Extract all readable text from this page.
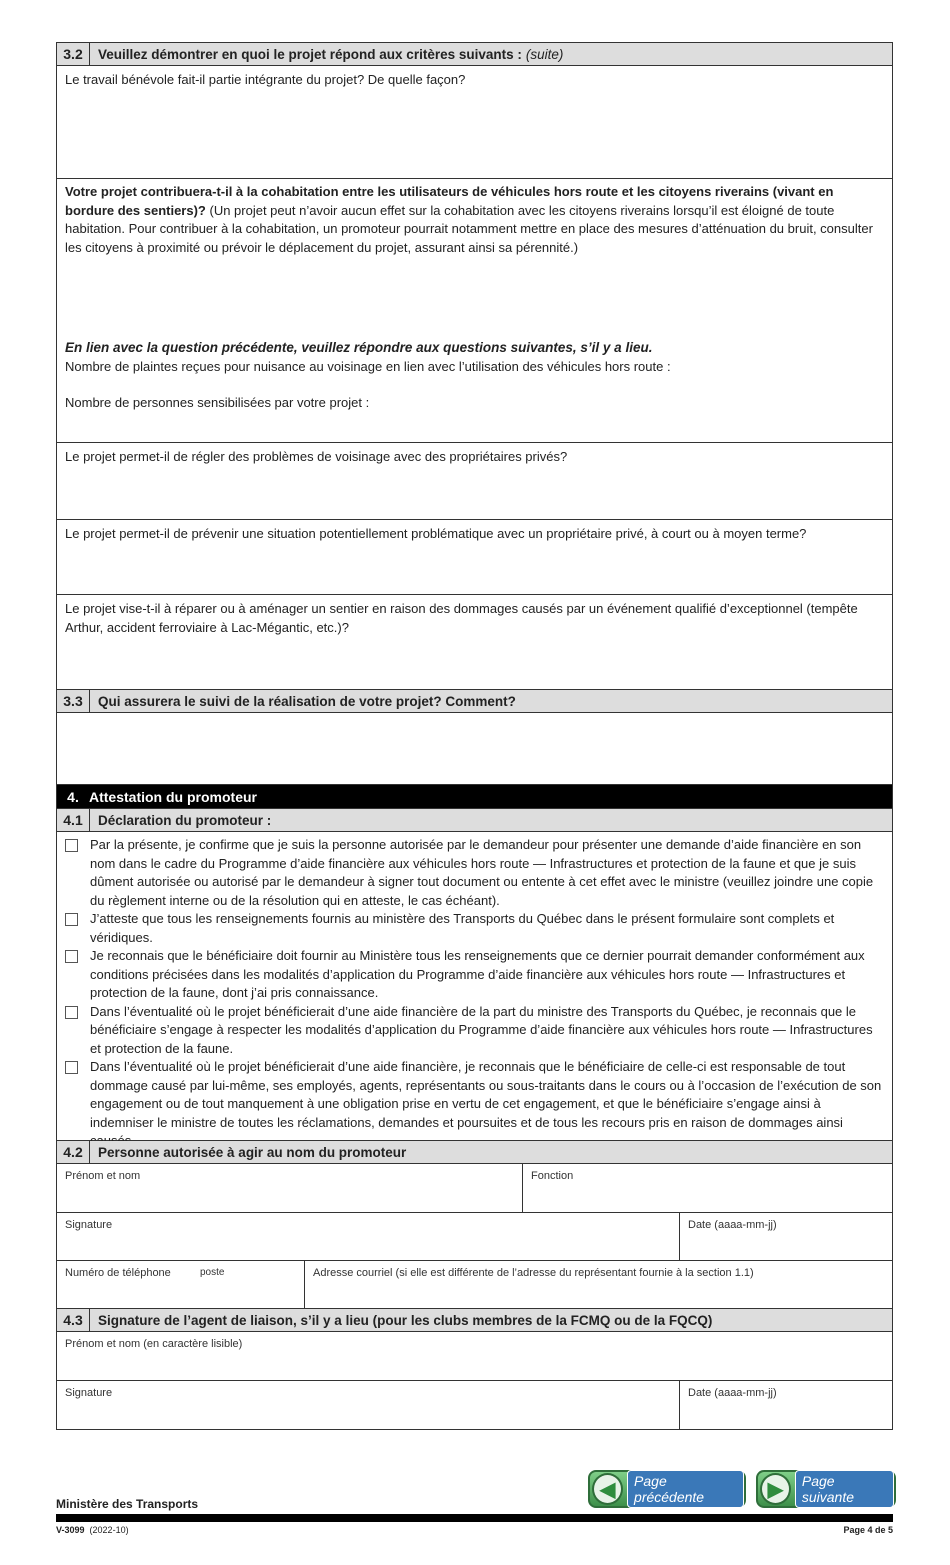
3.2	Veuillez démontrer en quoi le projet répond aux critères suivants : (suite)
Le travail bénévole fait-il partie intégrante du projet? De quelle façon?
Votre projet contribuera-t-il à la cohabitation entre les utilisateurs de véhicules hors route et les citoyens riverains (vivant en bordure des sentiers)? (Un projet peut n’avoir aucun effet sur la cohabitation avec les citoyens riverains lorsqu’il est éloigné de toute habitation. Pour contribuer à la cohabitation, un promoteur pourrait notamment mettre en place des mesures d’atténuation du bruit, consulter les citoyens à proximité ou prévoir le déplacement du projet, assurant ainsi sa pérennité.)
En lien avec la question précédente, veuillez répondre aux questions suivantes, s’il y a lieu.
Nombre de plaintes reçues pour nuisance au voisinage en lien avec l’utilisation des véhicules hors route :
Nombre de personnes sensibilisées par votre projet :
Le projet permet-il de régler des problèmes de voisinage avec des propriétaires privés?
Le projet permet-il de prévenir une situation potentiellement problématique avec un propriétaire privé, à court ou à moyen terme?
Le projet vise-t-il à réparer ou à aménager un sentier en raison des dommages causés par un événement qualifié d’exceptionnel (tempête Arthur, accident ferroviaire à Lac-Mégantic, etc.)?
3.3	Qui assurera le suivi de la réalisation de votre projet? Comment?
4. Attestation du promoteur
4.1	Déclaration du promoteur :
Par la présente, je confirme que je suis la personne autorisée par le demandeur pour présenter une demande d’aide financière en son nom dans le cadre du Programme d’aide financière aux véhicules hors route — Infrastructures et protection de la faune et que je suis dûment autorisée ou autorisé par le demandeur à signer tout document ou entente à cet effet avec le ministre (veuillez joindre une copie du règlement interne ou de la résolution qui en atteste, le cas échéant).
J’atteste que tous les renseignements fournis au ministère des Transports du Québec dans le présent formulaire sont complets et véridiques.
Je reconnais que le bénéficiaire doit fournir au Ministère tous les renseignements que ce dernier pourrait demander conformément aux conditions précisées dans les modalités d’application du Programme d’aide financière aux véhicules hors route — Infrastructures et protection de la faune, dont j’ai pris connaissance.
Dans l’éventualité où le projet bénéficierait d’une aide financière de la part du ministre des Transports du Québec, je reconnais que le bénéficiaire s’engage à respecter les modalités d’application du Programme d’aide financière aux véhicules hors route — Infrastructures et protection de la faune.
Dans l’éventualité où le projet bénéficierait d’une aide financière, je reconnais que le bénéficiaire de celle-ci est responsable de tout dommage causé par lui-même, ses employés, agents, représentants ou sous-traitants dans le cours ou à l’occasion de l’exécution de son engagement ou de tout manquement à une obligation prise en vertu de cet engagement, et que le bénéficiaire s’engage ainsi à indemniser le ministre de toutes les réclamations, demandes et poursuites et de tous les recours pris en raison de dommages ainsi
4.2	Personne autorisée à agir au nom du promoteur
Prénom et nom	Fonction
Signature	Date (aaaa-mm-jj)
Numéro de téléphone	poste	Adresse courriel (si elle est différente de l’adresse du représentant fournie à la section 1.1)
4.3	Signature de l’agent de liaison, s’il y a lieu (pour les clubs membres de la FCMQ ou de la FQCQ)
Prénom et nom (en caractère lisible)
Signature	Date (aaaa-mm-jj)
◀	Page précédente	▶	Page suivante
Ministère des Transports
V-3099 (2022-10)	Page 4 de 5
